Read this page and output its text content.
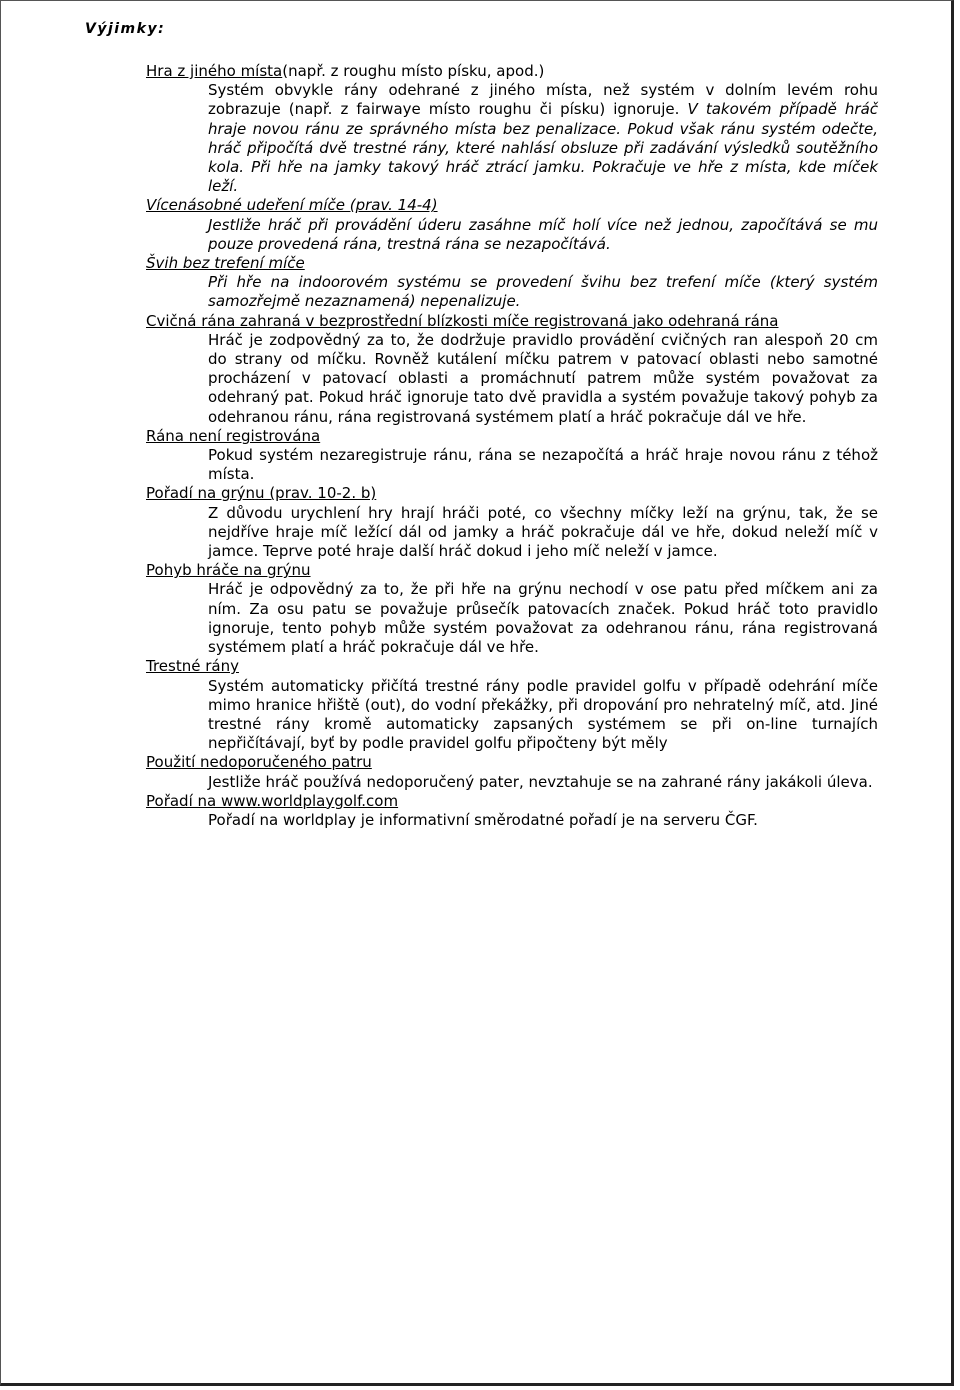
Výjimky:
Hra z jiného místa(např. z roughu místo písku, apod.)
Systém obvykle rány odehrané z jiného místa, než systém v dolním levém rohu zobrazuje (např. z fairwaye místo roughu či písku) ignoruje. V takovém případě hráč hraje novou ránu ze správného místa bez penalizace. Pokud však ránu systém odečte, hráč připočítá dvě trestné rány, které nahlásí obsluze při zadávání výsledků soutěžního kola. Při hře na jamky takový hráč ztrácí jamku. Pokračuje ve hře z místa, kde míček leží.
Vícenásobné udeření míče (prav. 14-4)
Jestliže hráč při provádění úderu zasáhne míč holí více než jednou, započítává se mu pouze provedená rána, trestná rána se nezapočítává.
Švih bez trefení míče
Při hře na indoorovém systému se provedení švihu bez trefení míče (který systém samozřejmě nezaznamená) nepenalizuje.
Cvičná rána zahraná v bezprostřední blízkosti míče registrovaná jako odehraná rána
Hráč je zodpovědný za to, že dodržuje pravidlo provádění cvičných ran alespoň 20 cm do strany od míčku. Rovněž kutálení míčku patrem v patovací oblasti nebo samotné procházení v patovací oblasti a promáchnutí patrem může systém považovat za odehraný pat. Pokud hráč ignoruje tato dvě pravidla a systém považuje takový pohyb za odehranou ránu, rána registrovaná systémem platí a hráč pokračuje dál ve hře.
Rána není registrována
Pokud systém nezaregistruje ránu, rána se nezapočítá a hráč hraje novou ránu z téhož místa.
Pořadí na grýnu (prav. 10-2. b)
Z důvodu urychlení hry hrají hráči poté, co všechny míčky leží na grýnu, tak, že se nejdříve hraje míč ležící dál od jamky a hráč pokračuje dál ve hře, dokud neleží míč v jamce. Teprve poté hraje další hráč dokud i jeho míč neleží v jamce.
Pohyb hráče na grýnu
Hráč je odpovědný za to, že při hře na grýnu nechodí v ose patu před míčkem ani za ním. Za osu patu se považuje průsečík patovacích značek. Pokud hráč toto pravidlo ignoruje, tento pohyb může systém považovat za odehranou ránu, rána registrovaná systémem platí a hráč pokračuje dál ve hře.
Trestné rány
Systém automaticky přičítá trestné rány podle pravidel golfu v případě odehrání míče mimo hranice hřiště (out), do vodní překážky, při dropování pro nehratelný míč, atd. Jiné trestné rány kromě automaticky zapsaných systémem se při on-line turnajích nepřičítávají, byť by podle pravidel golfu připočteny být měly
Použití nedoporučeného patru
Jestliže hráč používá nedoporučený pater, nevztahuje se na zahrané rány jakákoli úleva.
Pořadí na www.worldplaygolf.com
Pořadí na worldplay je informativní směrodatné pořadí je na serveru ČGF.
